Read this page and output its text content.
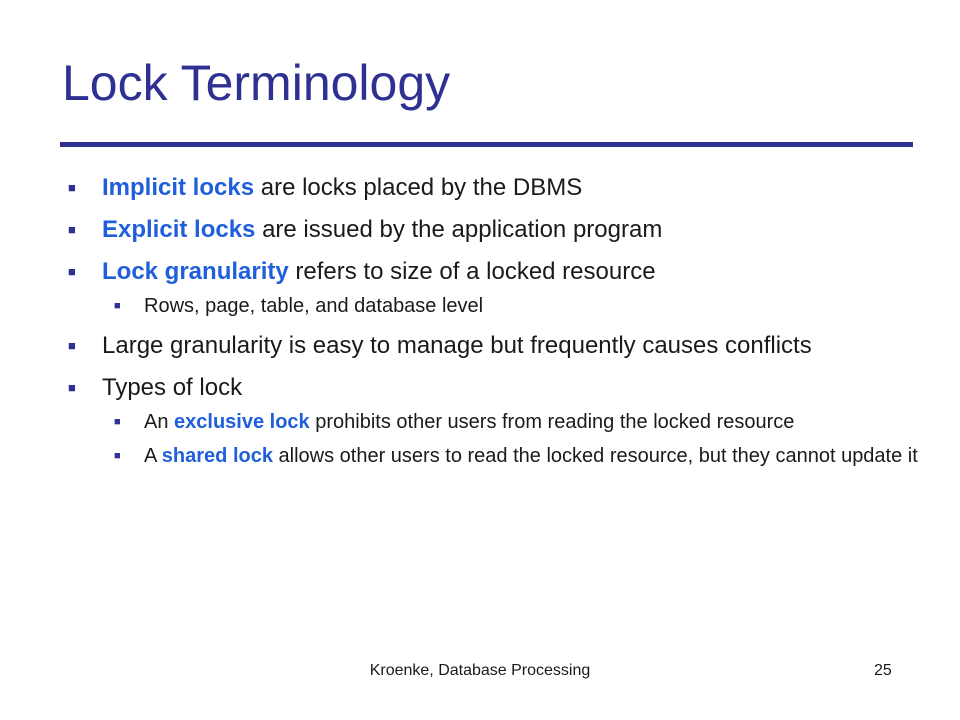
Lock Terminology
■ Implicit locks are locks placed by the DBMS
■ Explicit locks are issued by the application program
■ Lock granularity refers to size of a locked resource
■ Rows, page, table, and database level
■ Large granularity is easy to manage but frequently causes conflicts
■ Types of lock
■ An exclusive lock prohibits other users from reading the locked resource
■ A shared lock allows other users to read the locked resource, but they cannot update it
Kroenke, Database Processing	25
